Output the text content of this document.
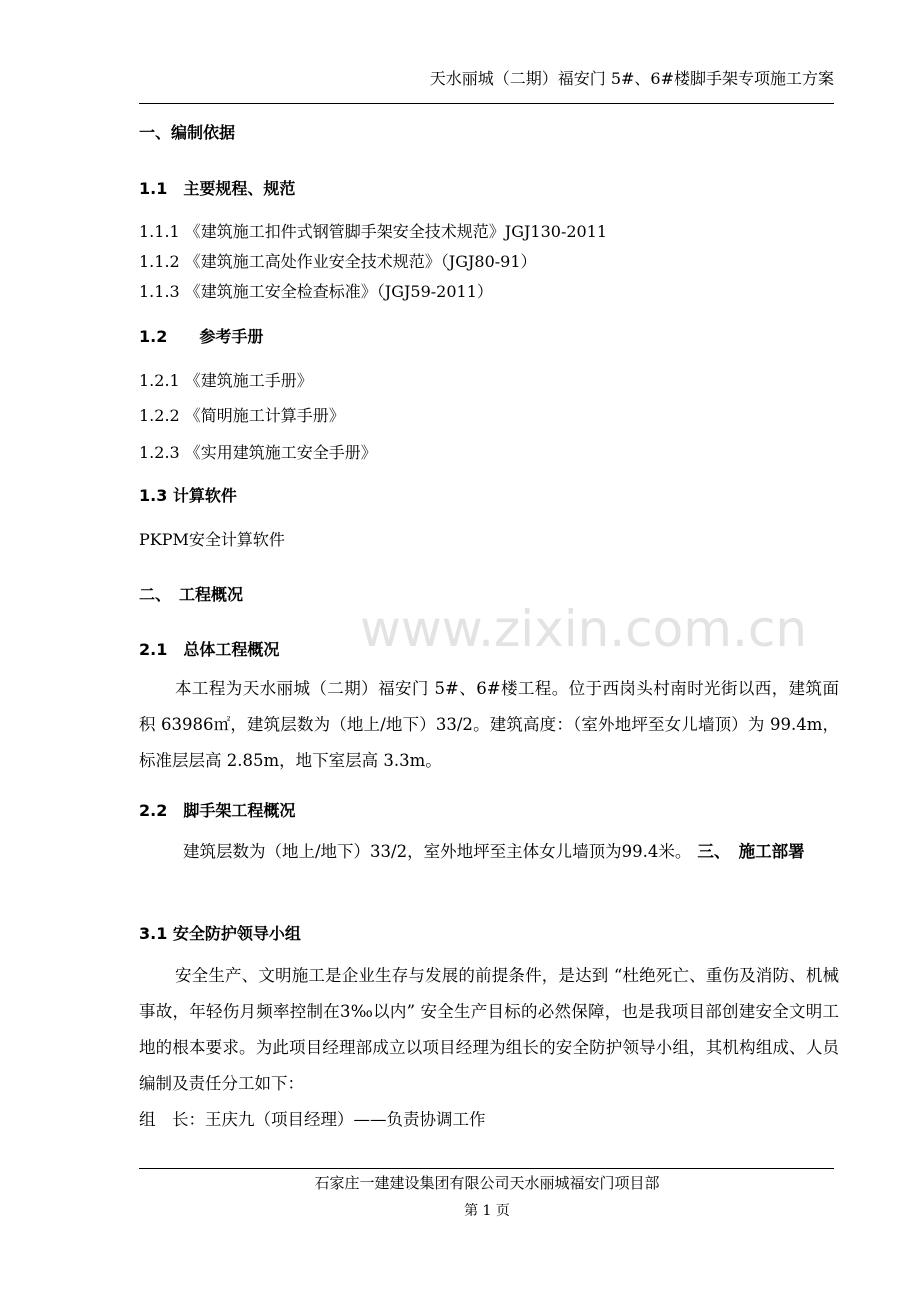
天水丽城（二期）福安门 5#、6#楼脚手架专项施工方案
www.zixin.com.cn
一、编制依据
1.1　主要规程、规范
1.1.1 《建筑施工扣件式钢管脚手架安全技术规范》JGJ130-2011
1.1.2 《建筑施工高处作业安全技术规范》（JGJ80-91）
1.1.3 《建筑施工安全检查标准》（JGJ59-2011）
1.2　　参考手册
1.2.1 《建筑施工手册》
1.2.2 《简明施工计算手册》
1.2.3 《实用建筑施工安全手册》
1.3 计算软件
PKPM安全计算软件
二、　工程概况
2.1　总体工程概况
本工程为天水丽城（二期）福安门 5#、6#楼工程。位于西岗头村南时光街以西，建筑面积 63986㎡，建筑层数为（地上/地下）33/2。建筑高度：（室外地坪至女儿墙顶）为 99.4m，标准层层高 2.85m，地下室层高 3.3m。
2.2　脚手架工程概况
建筑层数为（地上/地下）33/2，室外地坪至主体女儿墙顶为99.4米。 三、　施工部署
3.1 安全防护领导小组
安全生产、文明施工是企业生存与发展的前提条件，是达到 “杜绝死亡、重伤及消防、机械事故，年轻伤月频率控制在3‰以内” 安全生产目标的必然保障，也是我项目部创建安全文明工地的根本要求。为此项目经理部成立以项目经理为组长的安全防护领导小组，其机构组成、人员编制及责任分工如下：
组　长：王庆九（项目经理）——负责协调工作
石家庄一建建设集团有限公司天水丽城福安门项目部
第 1 页
